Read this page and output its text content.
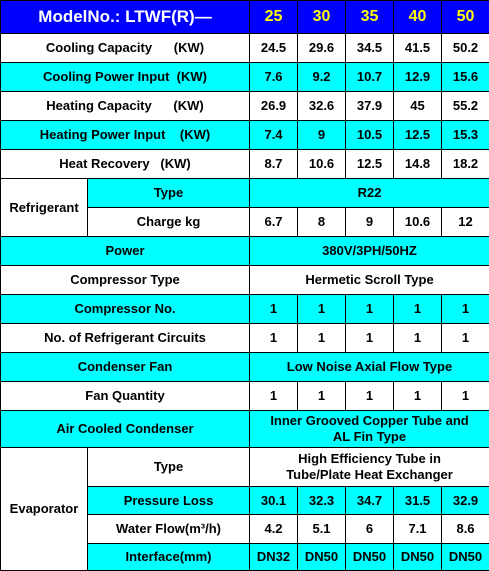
ModelNo.: LTWF(R)—		25	30	35	40	50
Cooling Capacity      (KW)		24.5	29.6	34.5	41.5	50.2
Cooling Power Input  (KW)		7.6	9.2	10.7	12.9	15.6
Heating Capacity      (KW)		26.9	32.6	37.9	45	55.2
Heating Power Input    (KW)		7.4	9	10.5	12.5	15.3
Heat Recovery   (KW)		8.7	10.6	12.5	14.8	18.2
Refrigerant	Type	R22				
	Charge kg	6.7	8	9	10.6	12
Power		380V/3PH/50HZ				
Compressor Type		Hermetic Scroll Type				
Compressor No.		1	1	1	1	1
No. of Refrigerant Circuits		1	1	1	1	1
Condenser Fan		Low Noise Axial Flow Type				
Fan Quantity		1	1	1	1	1
Air Cooled Condenser		Inner Grooved Copper Tube and
AL Fin Type				

Evaporator	Type	High Efficiency Tube in
Tube/Plate Heat Exchanger				

	Pressure Loss	30.1	32.3	34.7	31.5	32.9
	Water Flow(m³/h)	4.2	5.1	6	7.1	8.6
	Interface(mm)	DN32	DN50	DN50	DN50	DN50
